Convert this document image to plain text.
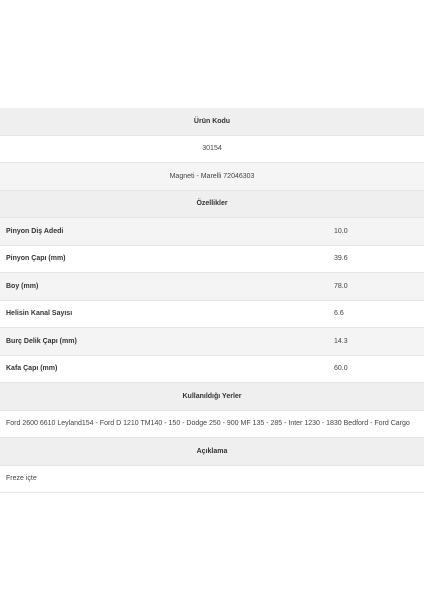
Ürün Kodu	
30154	
Magneti - Marelli 72046303	
Özellikler	
Pinyon Diş Adedi	10.0
Pinyon Çapı (mm)	39.6
Boy (mm)	78.0
Helisin Kanal Sayısı	6.6
Burç Delik Çapı (mm)	14.3
Kafa Çapı (mm)	60.0
Kullanıldığı Yerler	
Ford 2600 6610 Leyland154 - Ford D 1210 TM140 - 150 - Dodge 250 - 900 MF 135 - 285 - Inter 1230 - 1830 Bedford - Ford Cargo	
Açıklama	
Freze içte	
